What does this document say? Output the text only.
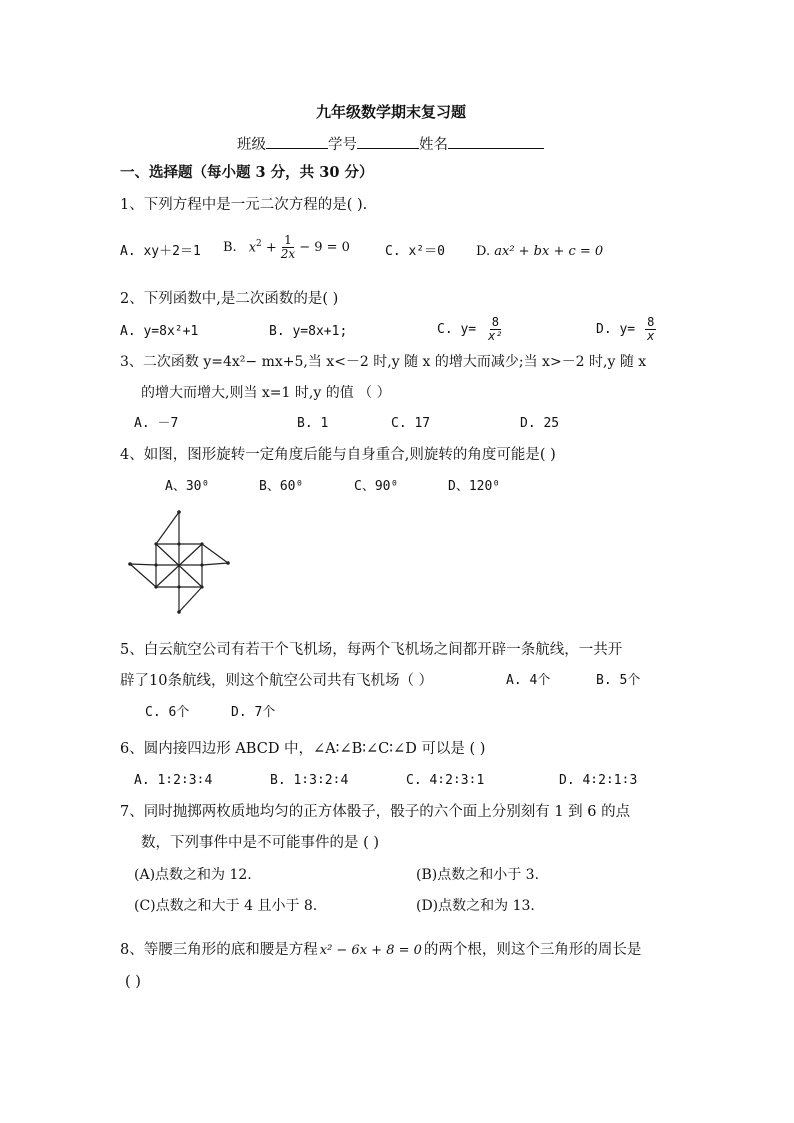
九年级数学期末复习题
班级	学号	姓名
一、选择题（每小题 3 分，共 30 分）
1、下列方程中是一元二次方程的是( ).
A. xy＋2＝1 B. $x^2 + \frac{1}{2x} - 9 = 0$	C. x²＝0 D. ax² + bx + c = 0
2、下列函数中,是二次函数的是( )
A. y=8x²+1	B. y=8x+1;	C. $y= \frac{8}{\text{x²}}$	D. $y= \frac{8}{x}$
3、二次函数 y=4x²− mx+5,当 x<－2 时,y 随 x 的增大而减少;当 x>－2 时,y 随 x
的增大而增大,则当 x=1 时,y 的值 （ ）
A. －7	B. 1	C. 17	D. 25
4、如图，图形旋转一定角度后能与自身重合,则旋转的角度可能是( )
A、30⁰	B、60⁰	C、90⁰	D、120⁰
5、白云航空公司有若干个飞机场，每两个飞机场之间都开辟一条航线，一共开
辟了10条航线，则这个航空公司共有飞机场（ ）	A. 4个	B. 5个
C. 6个	D. 7个
6、圆内接四边形 ABCD 中，∠A∶∠B∶∠C∶∠D 可以是 ( )
A. 1∶2∶3∶4	B. 1∶3∶2∶4	C. 4∶2∶3∶1	D. 4∶2∶1∶3
7、同时抛掷两枚质地均匀的正方体骰子，骰子的六个面上分别刻有 1 到 6 的点
数，下列事件中是不可能事件的是 ( )
(A)点数之和为 12.	(B)点数之和小于 3.
(C)点数之和大于 4 且小于 8.	(D)点数之和为 13.
8、等腰三角形的底和腰是方程 x² − 6x + 8 = 0 的两个根，则这个三角形的周长是
( )
